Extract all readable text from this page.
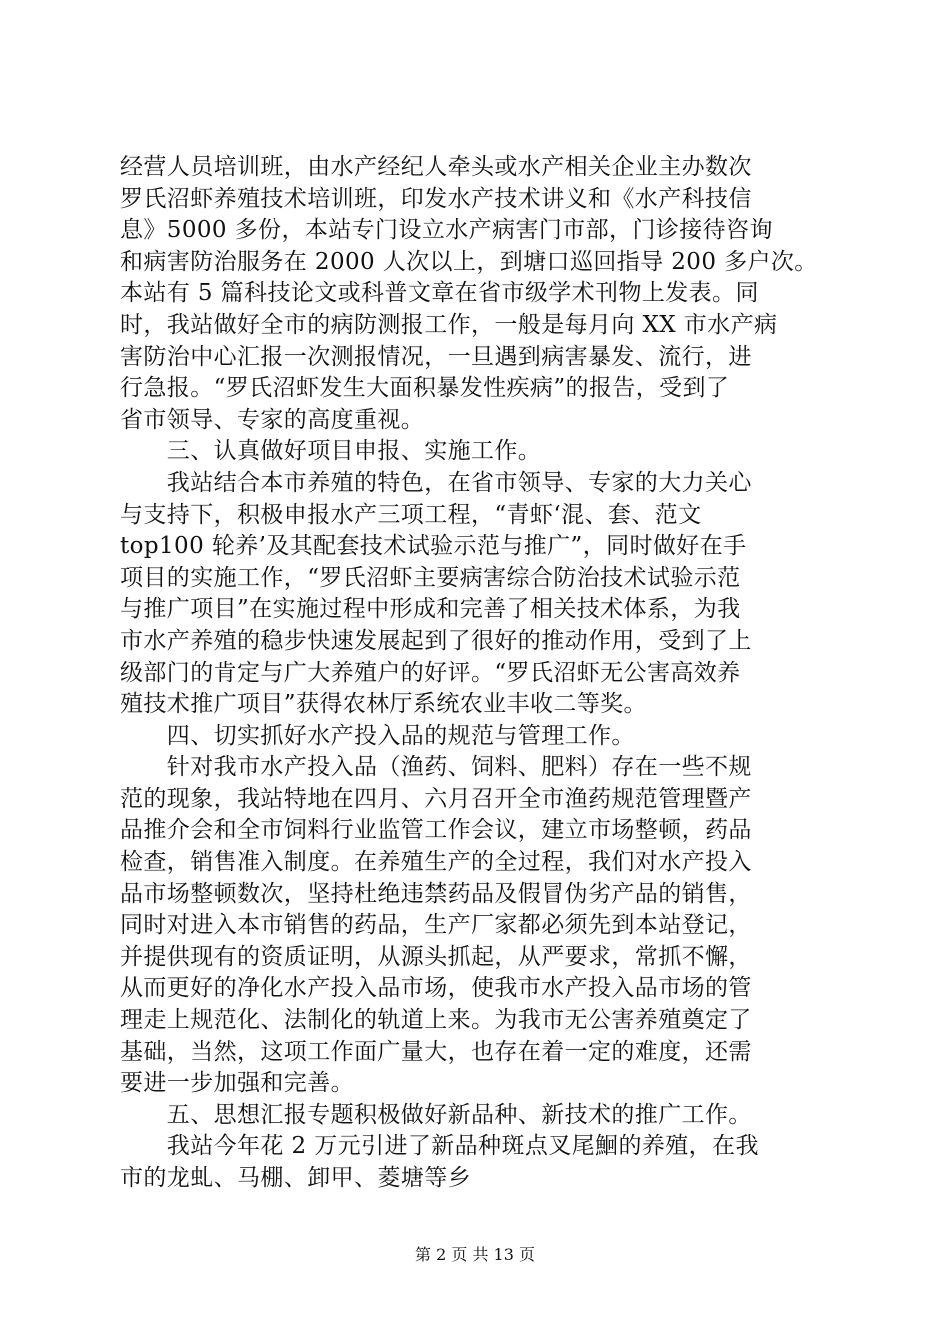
经营人员培训班，由水产经纪人牵头或水产相关企业主办数次
罗氏沼虾养殖技术培训班，印发水产技术讲义和《水产科技信
息》5000 多份，本站专门设立水产病害门市部，门诊接待咨询
和病害防治服务在 2000 人次以上，到塘口巡回指导 200 多户次。
本站有 5 篇科技论文或科普文章在省市级学术刊物上发表。同
时，我站做好全市的病防测报工作，一般是每月向 XX 市水产病
害防治中心汇报一次测报情况，一旦遇到病害暴发、流行，进
行急报。“罗氏沼虾发生大面积暴发性疾病”的报告，受到了
省市领导、专家的高度重视。
　　三、认真做好项目申报、实施工作。
　　我站结合本市养殖的特色，在省市领导、专家的大力关心
与支持下，积极申报水产三项工程，“青虾‘混、套、范文
top100 轮养’及其配套技术试验示范与推广”，同时做好在手
项目的实施工作，“罗氏沼虾主要病害综合防治技术试验示范
与推广项目”在实施过程中形成和完善了相关技术体系，为我
市水产养殖的稳步快速发展起到了很好的推动作用，受到了上
级部门的肯定与广大养殖户的好评。“罗氏沼虾无公害高效养
殖技术推广项目”获得农林厅系统农业丰收二等奖。
　　四、切实抓好水产投入品的规范与管理工作。
　　针对我市水产投入品（渔药、饲料、肥料）存在一些不规
范的现象，我站特地在四月、六月召开全市渔药规范管理暨产
品推介会和全市饲料行业监管工作会议，建立市场整顿，药品
检查，销售准入制度。在养殖生产的全过程，我们对水产投入
品市场整顿数次，坚持杜绝违禁药品及假冒伪劣产品的销售，
同时对进入本市销售的药品，生产厂家都必须先到本站登记，
并提供现有的资质证明，从源头抓起，从严要求，常抓不懈，
从而更好的净化水产投入品市场，使我市水产投入品市场的管
理走上规范化、法制化的轨道上来。为我市无公害养殖奠定了
基础，当然，这项工作面广量大，也存在着一定的难度，还需
要进一步加强和完善。
　　五、思想汇报专题积极做好新品种、新技术的推广工作。
　　我站今年花 2 万元引进了新品种斑点叉尾鮰的养殖，在我
市的龙虬、马棚、卸甲、菱塘等乡
第 2 页 共 13 页
